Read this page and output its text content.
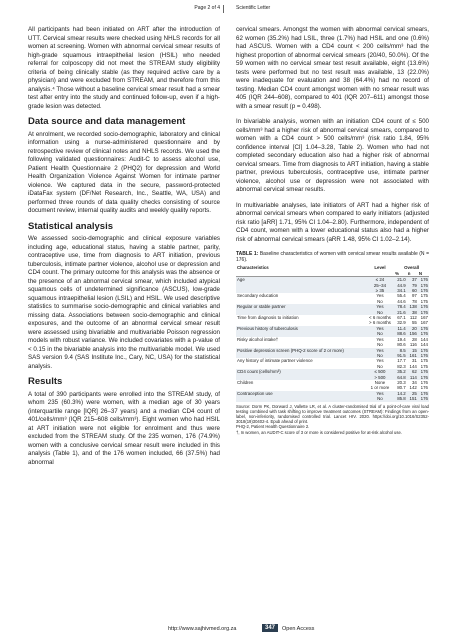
Page 2 of 4	Scientific Letter

All participants had been initiated on ART after the introduction of UTT. Cervical smear results were checked using NHLS records for all women at screening. Women with abnormal cervical smear results of high-grade squamous intraepithelial lesion (HSIL) who needed referral for colposcopy did not meet the STREAM study eligibility criteria of being clinically stable (as they required active care by a physician) and were excluded from STREAM, and therefore from this analysis.⁴ Those without a baseline cervical smear result had a smear test after entry into the study and continued follow-up, even if a high-grade lesion was detected.

Data source and data management

At enrolment, we recorded socio-demographic, laboratory and clinical information using a nurse-administered questionnaire and by retrospective review of clinical notes and NHLS records. We used the following validated questionnaires: Audit-C to assess alcohol use, Patient Health Questionnaire 2 (PHQ2) for depression and World Health Organization Violence Against Women for intimate partner violence. We captured data in the secure, password-protected iDataFax system (DF/Net Research, Inc., Seattle, WA, USA) and performed three rounds of data quality checks consisting of source document review, internal quality audits and weekly quality reports.

Statistical analysis

We assessed socio-demographic and clinical exposure variables including age, educational status, having a stable partner, parity, contraceptive use, time from diagnosis to ART initiation, previous tuberculosis, intimate partner violence, alcohol use or depression and CD4 count. The primary outcome for this analysis was the absence or the presence of an abnormal cervical smear, which included atypical squamous cells of undetermined significance (ASCUS), low-grade squamous intraepithelial lesion (LSIL) and HSIL. We used descriptive statistics to summarise socio-demographic and clinical variables and missing data. Associations between socio-demographic and clinical exposures, and the outcome of an abnormal cervical smear result were assessed using bivariable and multivariable Poisson regression models with robust variance. We included covariates with a p-value of < 0.15 in the bivariable analysis into the multivariable model. We used SAS version 9.4 (SAS Institute Inc., Cary, NC, USA) for the statistical analysis.

Results

A total of 390 participants were enrolled into the STREAM study, of whom 235 (60.3%) were women, with a median age of 30 years (interquartile range [IQR] 26–37 years) and a median CD4 count of 401/cells/mm³ (IQR 215–608 cells/mm³). Eight women who had HSIL at ART initiation were not eligible for enrolment and thus were excluded from the STREAM study. Of the 235 women, 176 (74.9%) women with a conclusive cervical smear result were included in this analysis (Table 1), and of the 176 women included, 66 (37.5%) had abnormal

cervical smears. Amongst the women with abnormal cervical smears, 62 women (35.2%) had LSIL, three (1.7%) had HSIL and one (0.6%) had ASCUS. Women with a CD4 count < 200 cells/mm³ had the highest proportion of abnormal cervical smears (20/40, 50.0%). Of the 59 women with no cervical smear test result available, eight (13.6%) tests were performed but no test result was available, 13 (22.0%) were inadequate for evaluation and 38 (64.4%) had no record of testing. Median CD4 count amongst women with no smear result was 405 (IQR 244–608), compared to 401 (IQR 207–611) amongst those with a smear result (p = 0.498).

In bivariable analysis, women with an initiation CD4 count of ≤ 500 cells/mm³ had a higher risk of abnormal cervical smears, compared to women with a CD4 count > 500 cells/mm³ (risk ratio 1.84, 95% confidence interval [CI] 1.04–3.28, Table 2). Women who had not completed secondary education also had a higher risk of abnormal cervical smears. Time from diagnosis to ART initiation, having a stable partner, previous tuberculosis, contraceptive use, intimate partner violence, alcohol use or depression were not associated with abnormal cervical smear results.

In multivariable analyses, late initiators of ART had a higher risk of abnormal cervical smears when compared to early initiators (adjusted risk ratio [aRR] 1.71, 95% CI 1.04–2.80). Furthermore, independent of CD4 count, women with a lower educational status also had a higher risk of abnormal cervical smears (aRR 1.48, 95% CI 1.02–2.14).

TABLE 1: Baseline characteristics of women with cervical smear results available (N = 176).
Characteristics	Level	Overall		
		%	n	N
Age	≤ 24	21.0	37	176
	25–34	44.9	79	176
	≥ 35	34.1	60	176
Secondary education	Yes	55.4	97	175
	No	44.6	78	175
Regular or stable partner	Yes	78.4	138	176
	No	21.6	38	176
Time from diagnosis to initiation	< 6 months	67.1	112	167
	> 6 months	32.9	55	167
Previous history of tuberculosis	Yes	11.4	20	176
	No	88.6	156	176
Risky alcohol intake†	Yes	19.4	28	144
	No	80.6	116	144
Positive depression screen (PHQ-2 score of 2 or more)	Yes	8.5	15	176
	No	91.5	161	176
Any history of intimate partner violence	Yes	17.7	31	175
	No	82.3	144	175
CD4 count (cells/mm³)	≤ 500	35.2	62	176
	> 500	64.8	114	176
Children	None	20.3	34	176
	1 or more	80.7	142	176
Contraception use	Yes	14.2	25	176
	No	85.8	151	176
Source: Dorm PK, Dorward J, Vallette LR, et al. A cluster-randomised trial of a point-of-care viral load testing combined with task shifting to improve treatment outcomes (STREAM): Findings from an open-label, non-inferiority, randomised controlled trial. Lancet HIV. 2020. https://doi.org/10.1016/S2352-3018(19)30402-4. Epub ahead of print.
PHQ-2, Patient Health Questionnaire 2.
†, In women, an AUDIT-C score of 3 or more is considered positive for at-risk alcohol use.
http://www.sajhivmed.org.za	347	Open Access
